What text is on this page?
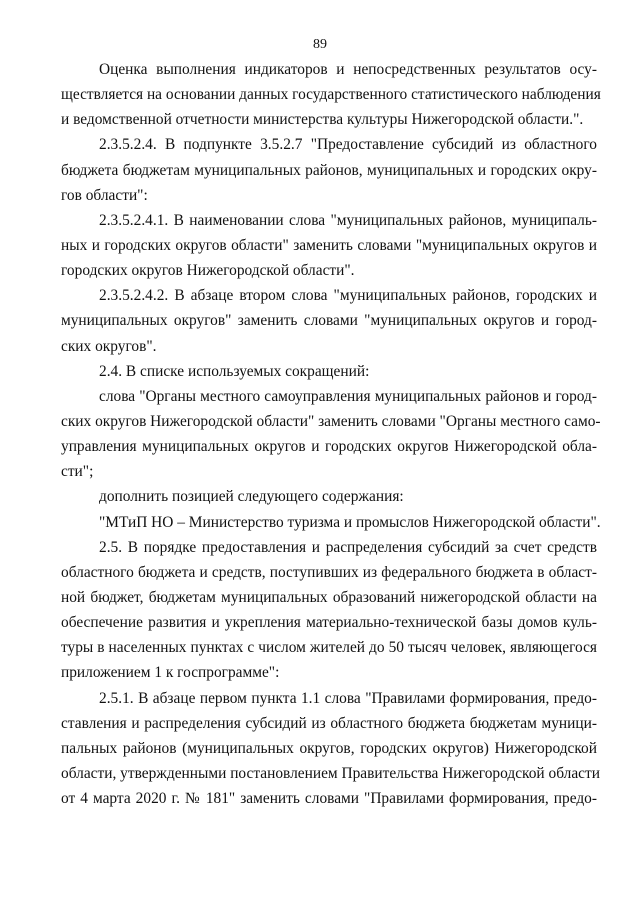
89
Оценка выполнения индикаторов и непосредственных результатов осу-
ществляется на основании данных государственного статистического наблюдения
и ведомственной отчетности министерства культуры Нижегородской области.".
2.3.5.2.4. В подпункте 3.5.2.7 "Предоставление субсидий из областного
бюджета бюджетам муниципальных районов, муниципальных и городских окру-
гов области":
2.3.5.2.4.1. В наименовании слова "муниципальных районов, муниципаль-
ных и городских округов области" заменить словами "муниципальных округов и
городских округов Нижегородской области".
2.3.5.2.4.2. В абзаце втором слова "муниципальных районов, городских и
муниципальных округов" заменить словами "муниципальных округов и город-
ских округов".
2.4. В списке используемых сокращений:
слова "Органы местного самоуправления муниципальных районов и город-
ских округов Нижегородской области" заменить словами "Органы местного само-
управления муниципальных округов и городских округов Нижегородской обла-
сти";
дополнить позицией следующего содержания:
"МТиП НО – Министерство туризма и промыслов Нижегородской области".
2.5. В порядке предоставления и распределения субсидий за счет средств
областного бюджета и средств, поступивших из федерального бюджета в област-
ной бюджет, бюджетам муниципальных образований нижегородской области на
обеспечение развития и укрепления материально-технической базы домов куль-
туры в населенных пунктах с числом жителей до 50 тысяч человек, являющегося
приложением 1 к госпрограмме":
2.5.1. В абзаце первом пункта 1.1 слова "Правилами формирования, предо-
ставления и распределения субсидий из областного бюджета бюджетам муници-
пальных районов (муниципальных округов, городских округов) Нижегородской
области, утвержденными постановлением Правительства Нижегородской области
от 4 марта 2020 г. № 181" заменить словами "Правилами формирования, предо-
